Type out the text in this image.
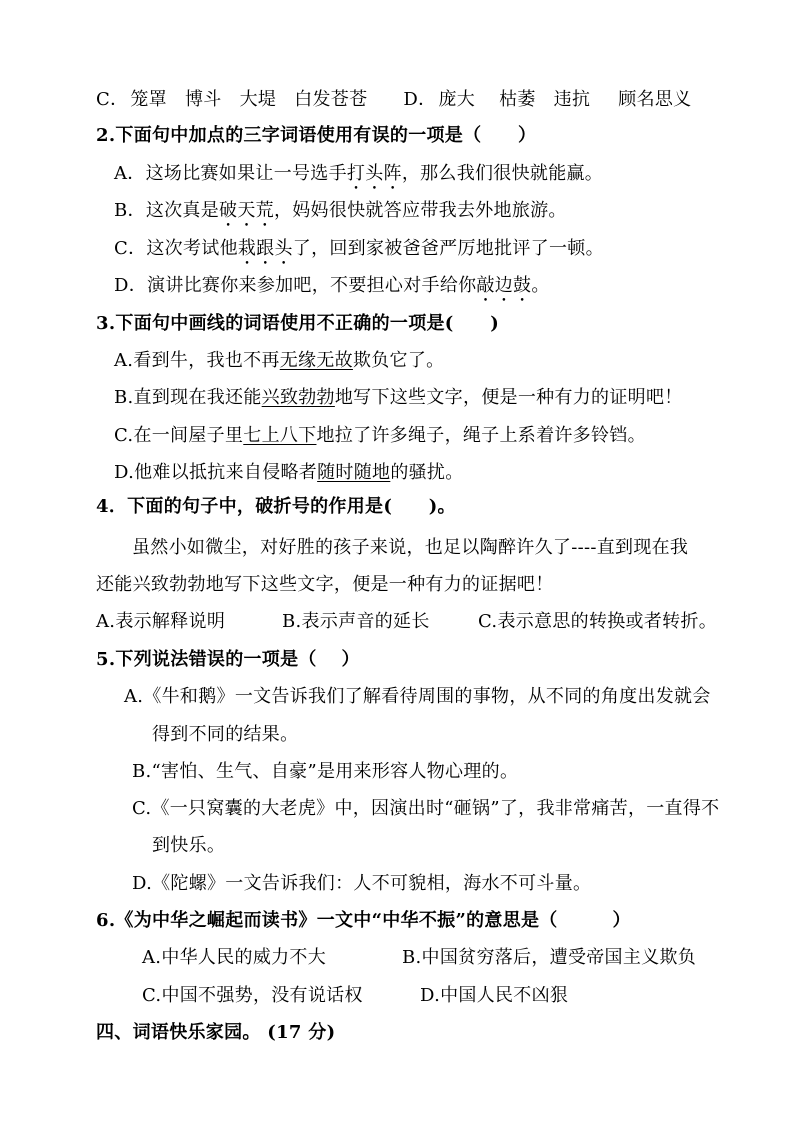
C． 笼罩 博斗 大堤 白发苍苍 D． 庞大 枯萎 违抗 顾名思义
2.下面句中加点的三字词语使用有误的一项是（　　）
A．这场比赛如果让一号选手打头阵，那么我们很快就能赢。
B．这次真是破天荒，妈妈很快就答应带我去外地旅游。
C．这次考试他栽跟头了，回到家被爸爸严厉地批评了一顿。
D．演讲比赛你来参加吧，不要担心对手给你敲边鼓。
3.下面句中画线的词语使用不正确的一项是(　　)
A.看到牛，我也不再无缘无故欺负它了。
B.直到现在我还能兴致勃勃地写下这些文字，便是一种有力的证明吧！
C.在一间屋子里七上八下地拉了许多绳子，绳子上系着许多铃铛。
D.他难以抵抗来自侵略者随时随地的骚扰。
4．下面的句子中，破折号的作用是(　　)。
虽然小如微尘，对好胜的孩子来说，也足以陶醉许久了----直到现在我
还能兴致勃勃地写下这些文字，便是一种有力的证据吧！
A.表示解释说明	B.表示声音的延长	C.表示意思的转换或者转折。
5.下列说法错误的一项是（　 ）
A.《牛和鹅》一文告诉我们了解看待周围的事物，从不同的角度出发就会
得到不同的结果。
B.“害怕、生气、自豪”是用来形容人物心理的。
C.《一只窝囊的大老虎》中，因演出时“砸锅”了，我非常痛苦，一直得不
到快乐。
D.《陀螺》一文告诉我们：人不可貌相，海水不可斗量。
6.《为中华之崛起而读书》一文中“中华不振”的意思是（　　　）
A.中华人民的威力不大	B.中国贫穷落后，遭受帝国主义欺负
C.中国不强势，没有说话权	D.中国人民不凶狠
四、词语快乐家园。 (17 分)
